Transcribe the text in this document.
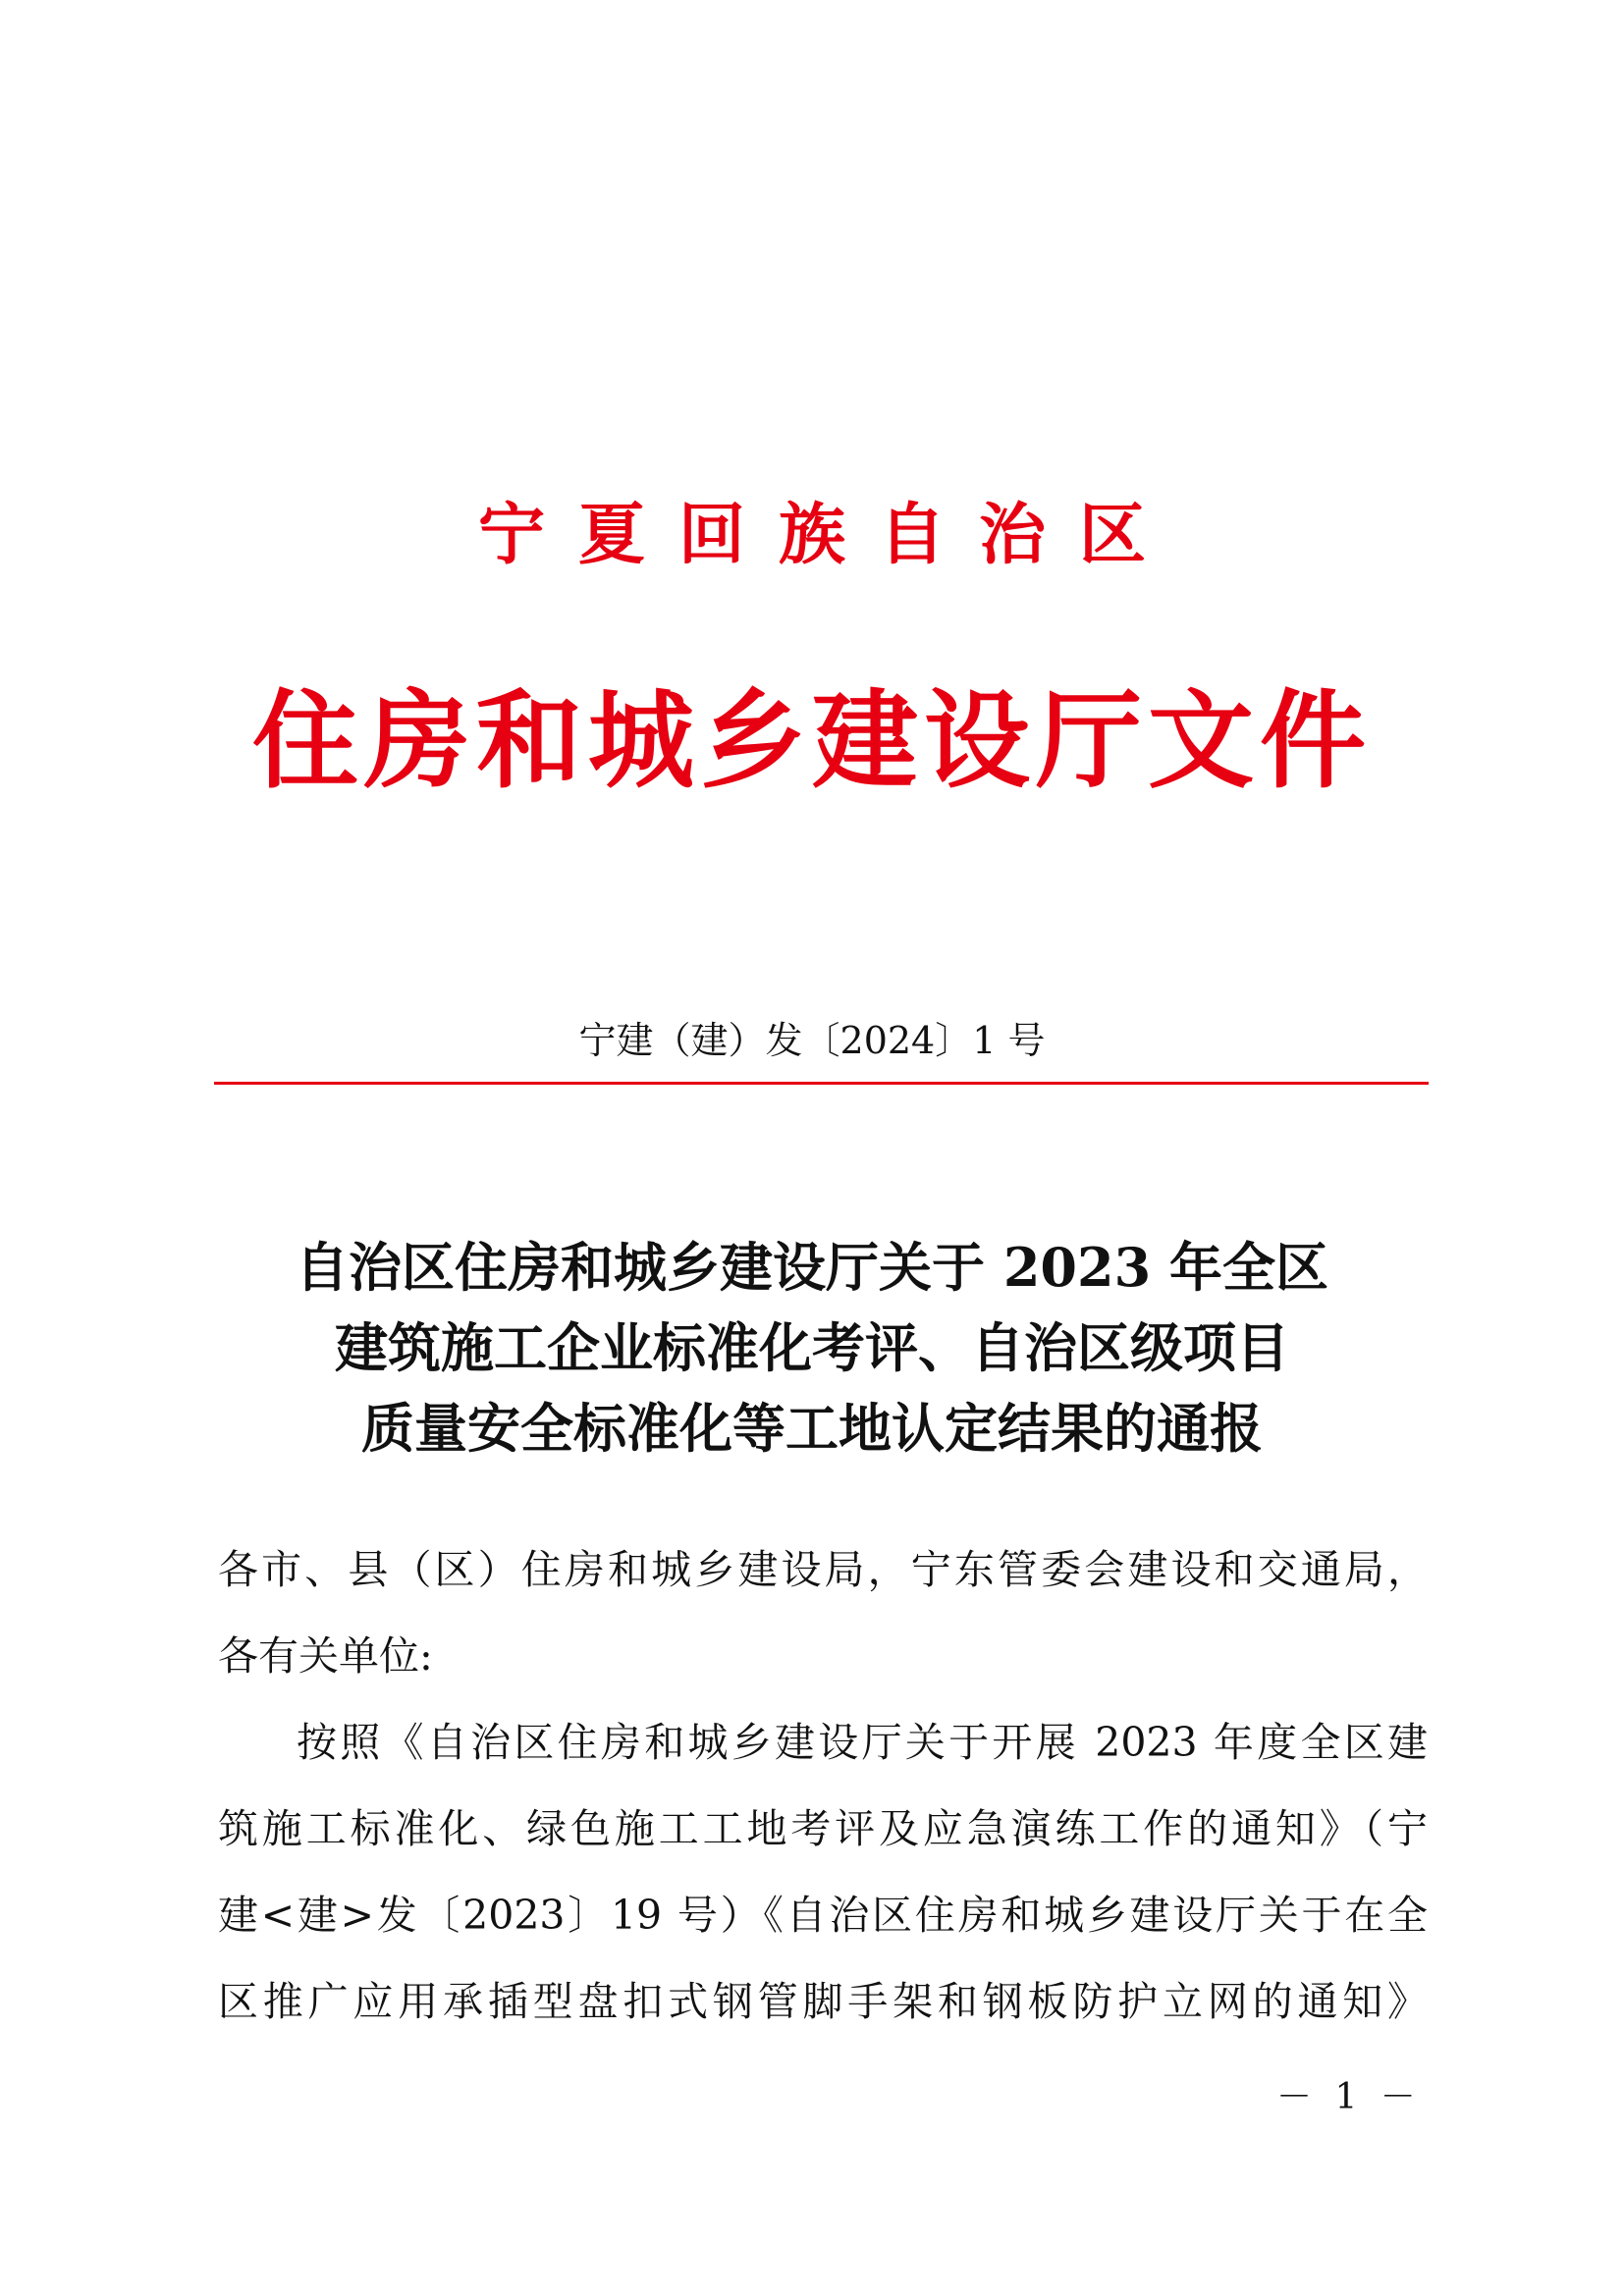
宁夏回族自治区
住房和城乡建设厅文件
宁建（建）发〔2024〕1 号
自治区住房和城乡建设厅关于 2023 年全区
建筑施工企业标准化考评、自治区级项目
质量安全标准化等工地认定结果的通报
各市、县（区）住房和城乡建设局，宁东管委会建设和交通局，
各有关单位:
按照《自治区住房和城乡建设厅关于开展 2023 年度全区建
筑施工标准化、绿色施工工地考评及应急演练工作的通知》（宁
建<建>发〔2023〕19 号）《自治区住房和城乡建设厅关于在全
区推广应用承插型盘扣式钢管脚手架和钢板防护立网的通知》
－ 1 －
